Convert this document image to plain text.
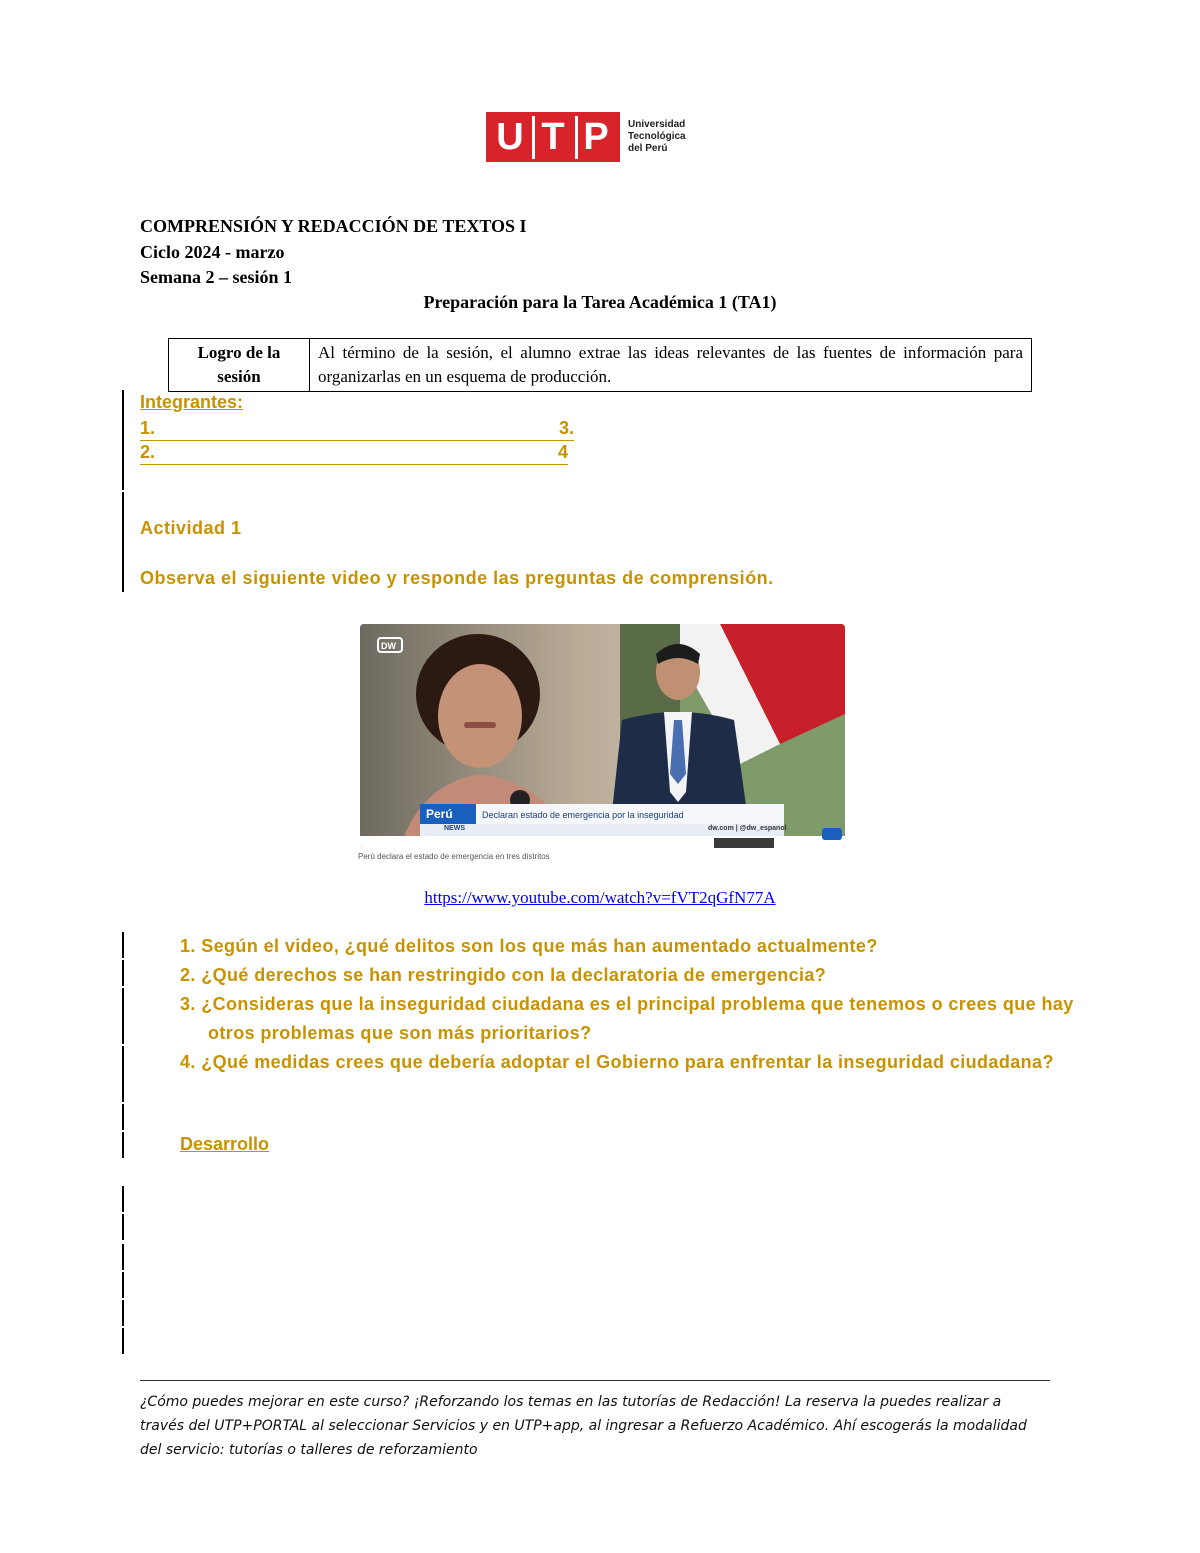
U T P	Universidad
Tecnológica
del Perú
COMPRENSIÓN Y REDACCIÓN DE TEXTOS I
Ciclo 2024 - marzo
Semana 2 – sesión 1
Preparación para la Tarea Académica 1 (TA1)
Logro de la sesión	Al término de la sesión, el alumno extrae las ideas relevantes de las fuentes de información para organizarlas en un esquema de producción.
Integrantes:
1.	3.
2.	4
Actividad 1
Observa el siguiente video y responde las preguntas de comprensión.
DW
Perú	Declaran estado de emergencia por la inseguridad
NEWS	dw.com | @dw_espanol
Perú declara el estado de emergencia en tres distritos
https://www.youtube.com/watch?v=fVT2qGfN77A
1. Según el video, ¿qué delitos son los que más han aumentado actualmente?
2. ¿Qué derechos se han restringido con la declaratoria de emergencia?
3. ¿Consideras que la inseguridad ciudadana es el principal problema que tenemos o crees que hay otros problemas que son más prioritarios?
4. ¿Qué medidas crees que debería adoptar el Gobierno para enfrentar la inseguridad ciudadana?
Desarrollo
¿Cómo puedes mejorar en este curso? ¡Reforzando los temas en las tutorías de Redacción! La reserva la puedes realizar a través del UTP+PORTAL al seleccionar Servicios y en UTP+app, al ingresar a Refuerzo Académico. Ahí escogerás la modalidad del servicio: tutorías o talleres de reforzamiento
